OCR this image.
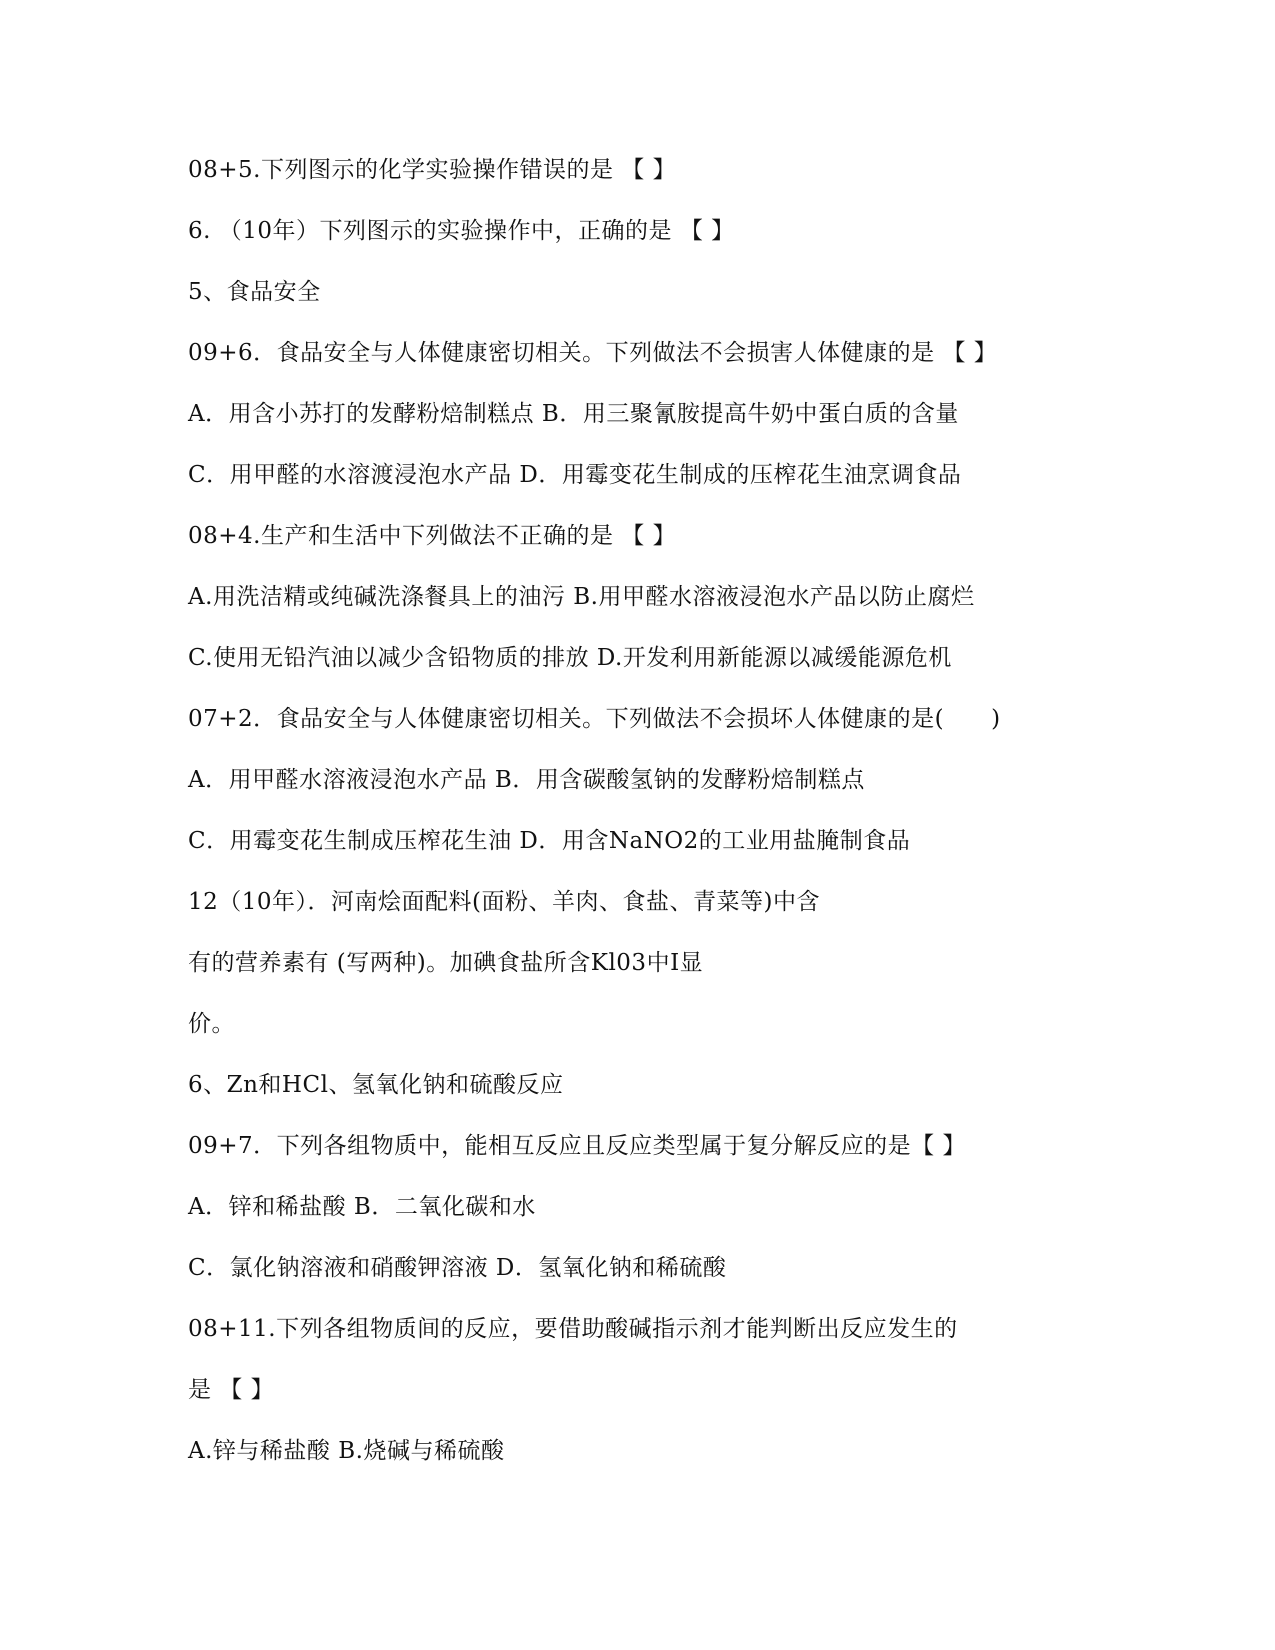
08+5.下列图示的化学实验操作错误的是 【 】
6. （10年）下列图示的实验操作中，正确的是 【 】
5、食品安全
09+6．食品安全与人体健康密切相关。下列做法不会损害人体健康的是 【 】
A．用含小苏打的发酵粉焙制糕点 B．用三聚氰胺提高牛奶中蛋白质的含量
C．用甲醛的水溶渡浸泡水产品 D．用霉变花生制成的压榨花生油烹调食品
08+4.生产和生活中下列做法不正确的是 【 】
A.用洗洁精或纯碱洗涤餐具上的油污 B.用甲醛水溶液浸泡水产品以防止腐烂
C.使用无铅汽油以减少含铅物质的排放 D.开发利用新能源以减缓能源危机
07+2．食品安全与人体健康密切相关。下列做法不会损坏人体健康的是(　　)
A．用甲醛水溶液浸泡水产品 B．用含碳酸氢钠的发酵粉焙制糕点
C．用霉变花生制成压榨花生油 D．用含NaNO2的工业用盐腌制食品
12（10年）．河南烩面配料(面粉、羊肉、食盐、青菜等)中含
有的营养素有 (写两种)。加碘食盐所含Kl03中I显
价。
6、Zn和HCl、氢氧化钠和硫酸反应
09+7．下列各组物质中，能相互反应且反应类型属于复分解反应的是【 】
A．锌和稀盐酸 B．二氧化碳和水
C．氯化钠溶液和硝酸钾溶液 D．氢氧化钠和稀硫酸
08+11.下列各组物质间的反应，要借助酸碱指示剂才能判断出反应发生的
是 【 】
A.锌与稀盐酸 B.烧碱与稀硫酸
